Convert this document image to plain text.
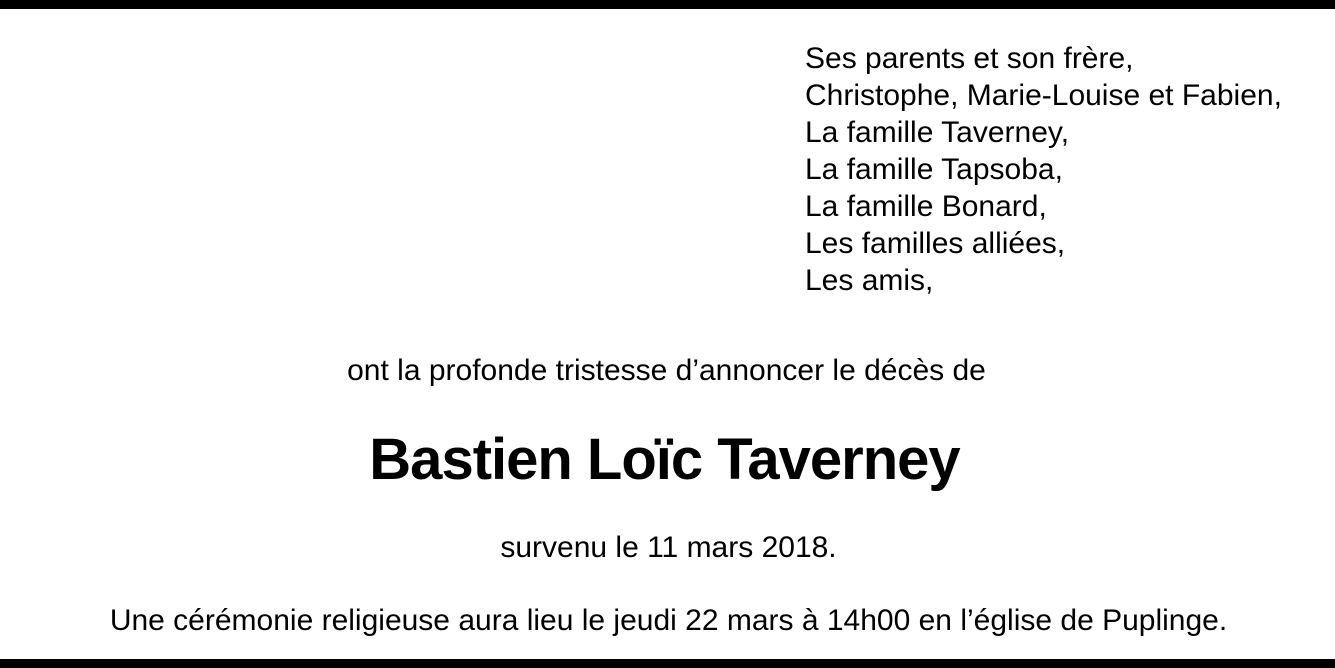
Ses parents et son frère,
Christophe, Marie-Louise et Fabien,
La famille Taverney,
La famille Tapsoba,
La famille Bonard,
Les familles alliées,
Les amis,
ont la profonde tristesse d’annoncer le décès de
Bastien Loïc Taverney
survenu le 11 mars 2018.
Une cérémonie religieuse aura lieu le jeudi 22 mars à 14h00 en l’église de Puplinge.
